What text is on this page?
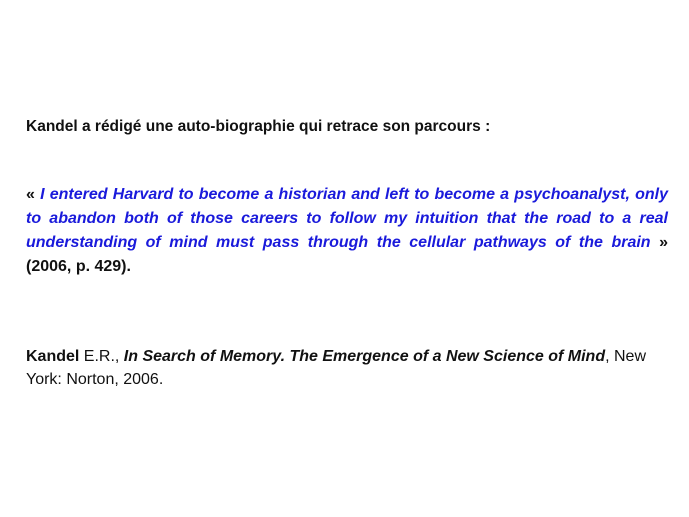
Kandel a rédigé une auto-biographie qui retrace son parcours :
« I entered Harvard to become a historian and left to become a psychoanalyst, only to abandon both of those careers to follow my intuition that the road to a real understanding of mind must pass through the cellular pathways of the brain » (2006, p. 429).
Kandel E.R., In Search of Memory. The Emergence of a New Science of Mind, New York: Norton, 2006.
